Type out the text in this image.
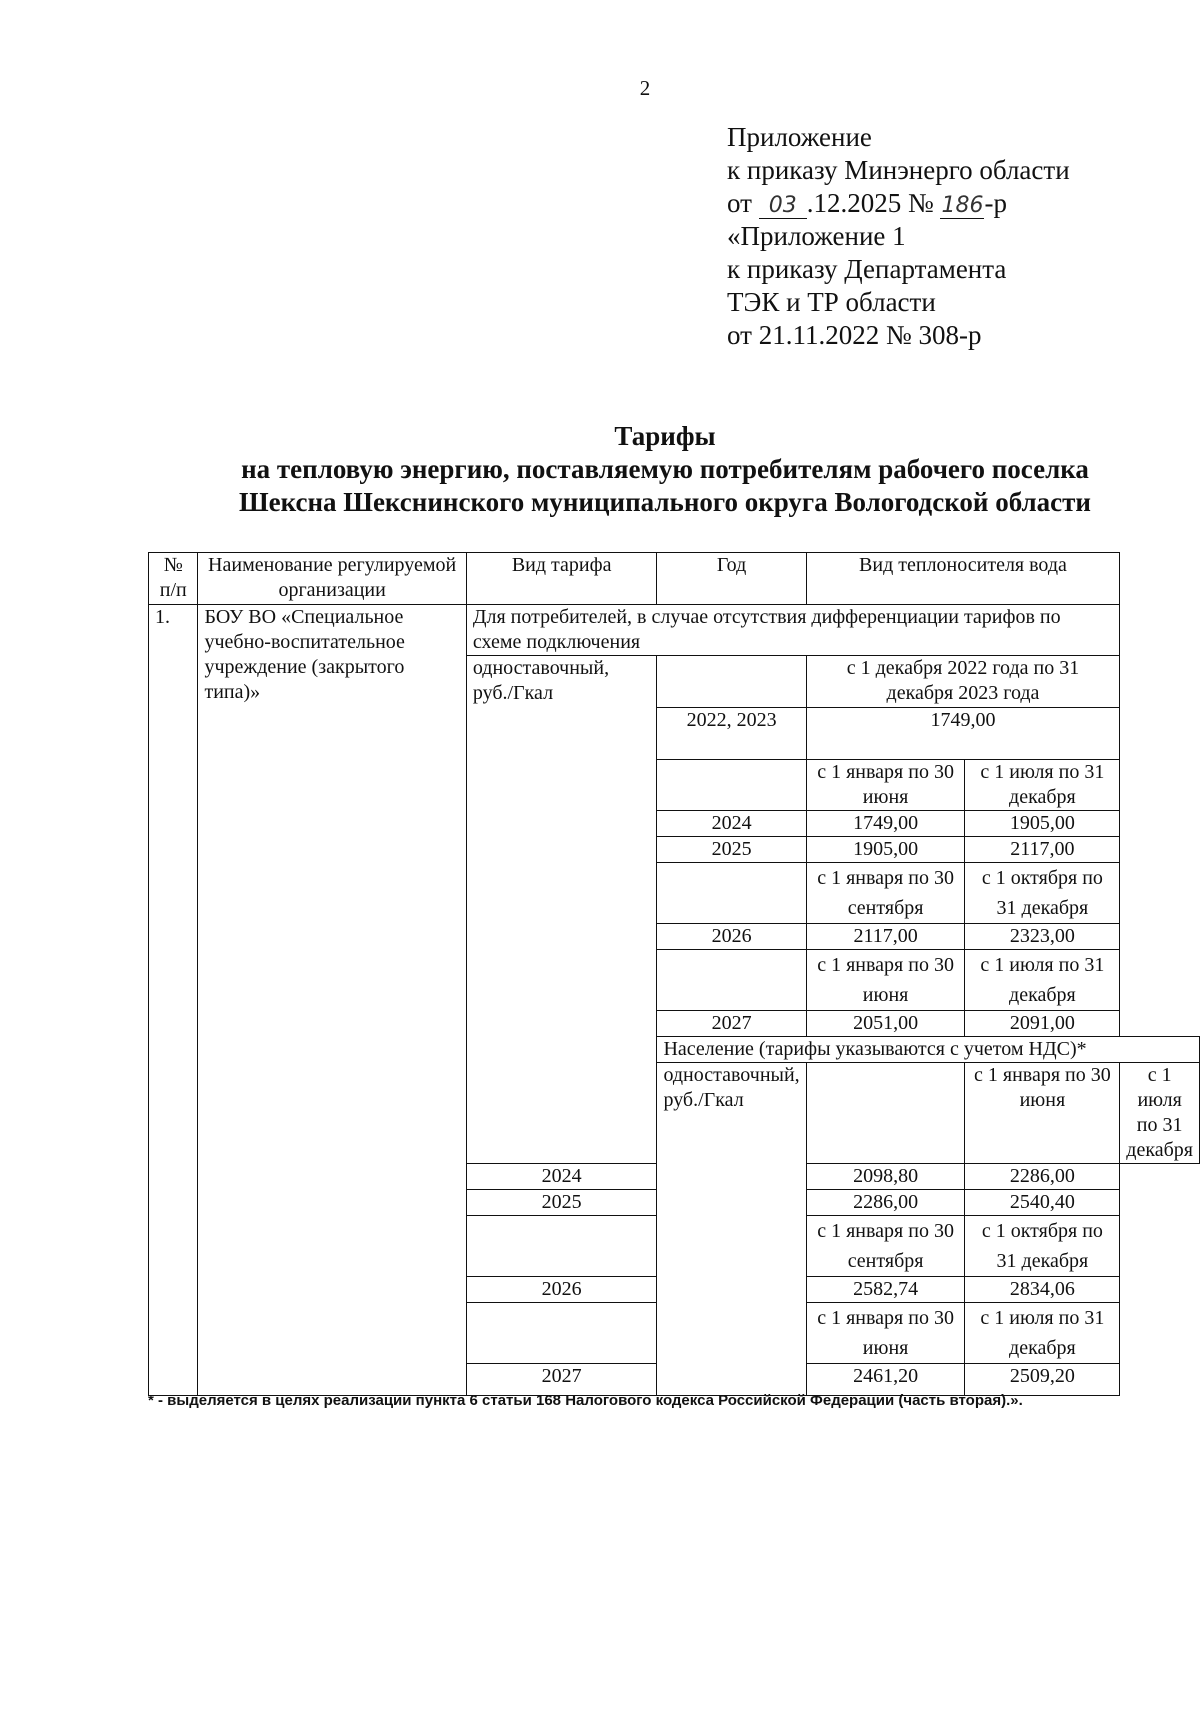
2
Приложение
к приказу Минэнерго области
от 03 .12.2025 № 186-р
«Приложение 1
к приказу Департамента
ТЭК и ТР области
от 21.11.2022 № 308-р
Тарифы
на тепловую энергию, поставляемую потребителям рабочего поселка
Шексна Шекснинского муниципального округа Вологодской области
№ п/п	Наименование регулируемой организации	Вид тарифа	Год	Вид теплоносителя вода		
1.	БОУ ВО «Специальное учебно-воспитательное учреждение (закрытого типа)»	Для потребителей, в случае отсутствия дифференциации тарифов по схеме подключения				
		одноставочный, руб./Гкал		с 1 декабря 2022 года по 31 декабря 2023 года		
			2022, 2023	1749,00		
				с 1 января по 30 июня	с 1 июля по 31 декабря	
			2024	1749,00	1905,00	
			2025	1905,00	2117,00	
				с 1 января по 30 сентября	с 1 октября по 31 декабря	
			2026	2117,00	2323,00	
				с 1 января по 30 июня	с 1 июля по 31 декабря	
			2027	2051,00	2091,00	
			Население (тарифы указываются с учетом НДС)*			
			одноставочный, руб./Гкал		с 1 января по 30 июня	с 1 июля по 31 декабря
		2024		2098,80	2286,00	
		2025		2286,00	2540,40	
				с 1 января по 30 сентября	с 1 октября по 31 декабря	
		2026		2582,74	2834,06	
				с 1 января по 30 июня	с 1 июля по 31 декабря	
		2027		2461,20	2509,20	
* - выделяется в целях реализации пункта 6 статьи 168 Налогового кодекса Российской Федерации (часть вторая).».
